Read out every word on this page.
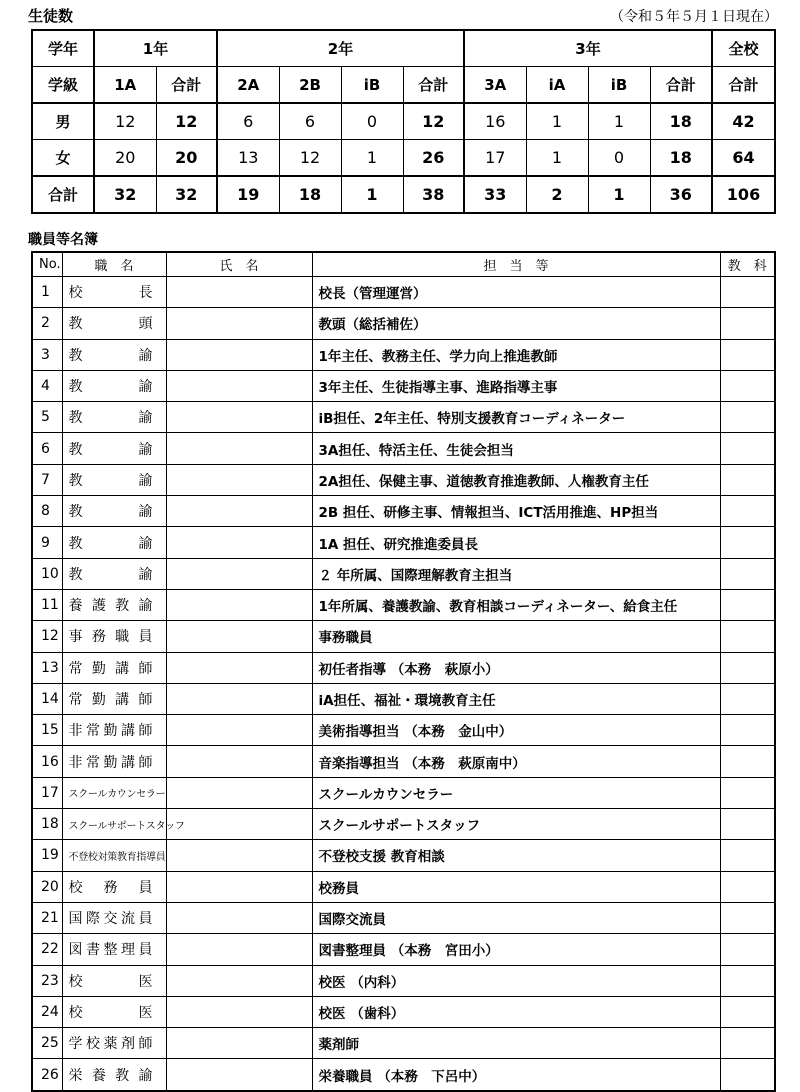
生徒数	（令和５年５月１日現在）
学年	1年		2年				3年				全校
学級	1A	合計	2A	2B	iB	合計	3A	iA	iB	合計	合計
男	12	12	6	6	0	12	16	1	1	18	42
女	20	20	13	12	1	26	17	1	0	18	64
合計	32	32	19	18	1	38	33	2	1	36	106
職員等名簿
No.	職　名	氏　名	担　当　等	教　科
1	校 長		校長（管理運営）	
2	教 頭		教頭（総括補佐）	
3	教 諭		1年主任、教務主任、学力向上推進教師	
4	教 諭		3年主任、生徒指導主事、進路指導主事	
5	教 諭		iB担任、2年主任、特別支援教育コーディネーター	
6	教 諭		3A担任、特活主任、生徒会担当	
7	教 諭		2A担任、保健主事、道徳教育推進教師、人権教育主任	
8	教 諭		2B 担任、研修主事、情報担当、ICT活用推進、HP担当	
9	教 諭		1A 担任、研究推進委員長	
10	教 諭		２ 年所属、国際理解教育主担当	
11	養 護 教 諭		1年所属、養護教諭、教育相談コーディネーター、給食主任	
12	事 務 職 員		事務職員	
13	常 勤 講 師		初任者指導 （本務　萩原小）	
14	常 勤 講 師		iA担任、福祉・環境教育主任	
15	非 常 勤 講 師		美術指導担当 （本務　金山中）	
16	非 常 勤 講 師		音楽指導担当 （本務　萩原南中）	
17	スクールカウンセラー		スクールカウンセラー	
18	スクールサポートスタッフ		スクールサポートスタッフ	
19	不登校対策教育指導員		不登校支援 教育相談	
20	校 務 員		校務員	
21	国 際 交 流 員		国際交流員	
22	図 書 整 理 員		図書整理員 （本務　宮田小）	
23	校 医		校医 （内科）	
24	校 医		校医 （歯科）	
25	学 校 薬 剤 師		薬剤師	
26	栄 養 教 諭		栄養職員 （本務　下呂中）	
